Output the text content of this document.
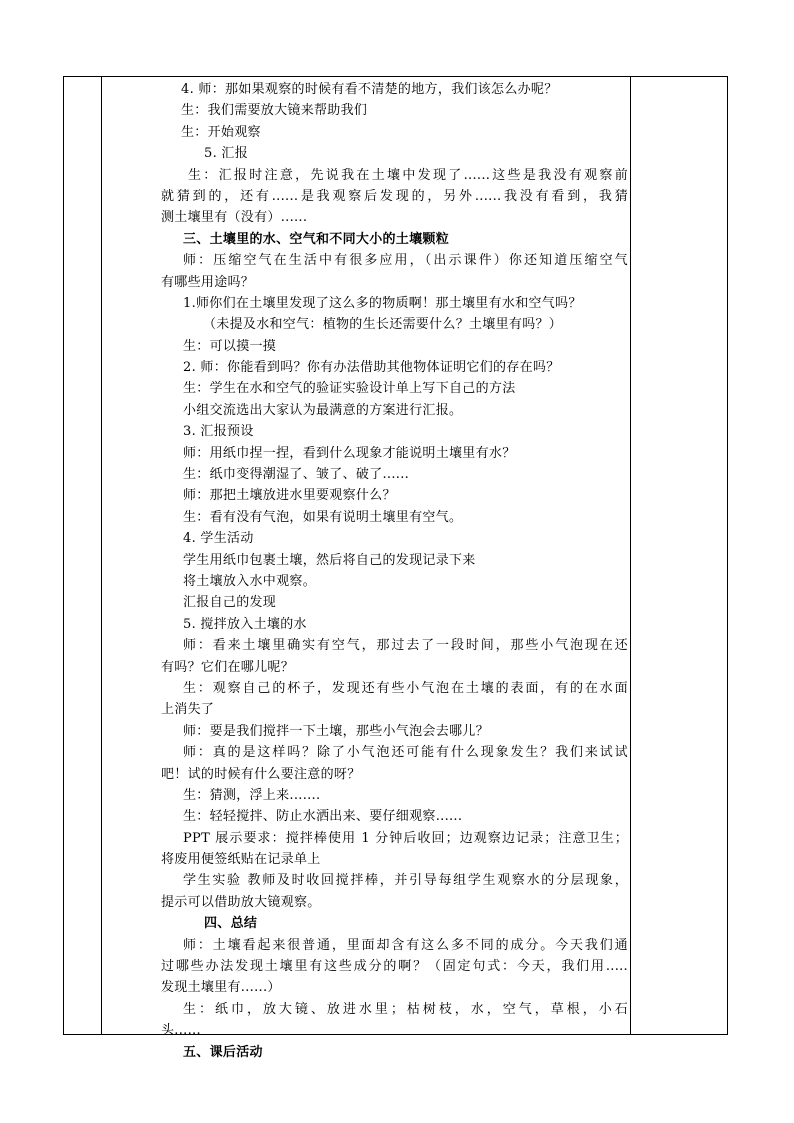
4. 师：那如果观察的时候有看不清楚的地方，我们该怎么办呢？
生：我们需要放大镜来帮助我们
生：开始观察
5. 汇报
生：汇报时注意，先说我在土壤中发现了......这些是我没有观察前
就猜到的，还有......是我观察后发现的，另外......我没有看到，我猜
测土壤里有（没有）......
三、土壤里的水、空气和不同大小的土壤颗粒
师：压缩空气在生活中有很多应用，（出示课件）你还知道压缩空气
有哪些用途吗？
1.师你们在土壤里发现了这么多的物质啊！那土壤里有水和空气吗？
（未提及水和空气：植物的生长还需要什么？土壤里有吗？）
生：可以摸一摸
2. 师：你能看到吗？你有办法借助其他物体证明它们的存在吗？
生：学生在水和空气的验证实验设计单上写下自己的方法
小组交流选出大家认为最满意的方案进行汇报。
3. 汇报预设
师：用纸巾捏一捏，看到什么现象才能说明土壤里有水？
生：纸巾变得潮湿了、皱了、破了......
师：那把土壤放进水里要观察什么？
生：看有没有气泡，如果有说明土壤里有空气。
4. 学生活动
学生用纸巾包裹土壤，然后将自己的发现记录下来
将土壤放入水中观察。
汇报自己的发现
5. 搅拌放入土壤的水
师：看来土壤里确实有空气，那过去了一段时间，那些小气泡现在还
有吗？它们在哪儿呢？
生：观察自己的杯子，发现还有些小气泡在土壤的表面，有的在水面
上消失了
师：要是我们搅拌一下土壤，那些小气泡会去哪儿？
师：真的是这样吗？除了小气泡还可能有什么现象发生？我们来试试
吧！试的时候有什么要注意的呀？
生：猜测，浮上来.......
生：轻轻搅拌、防止水洒出来、要仔细观察......
PPT 展示要求：搅拌棒使用 1 分钟后收回；边观察边记录；注意卫生；
将废用便签纸贴在记录单上
学生实验 教师及时收回搅拌棒，并引导每组学生观察水的分层现象，
提示可以借助放大镜观察。
四、总结
师：土壤看起来很普通，里面却含有这么多不同的成分。今天我们通
过哪些办法发现土壤里有这些成分的啊？（固定句式：今天，我们用.....
发现土壤里有......）
生：纸巾，放大镜、放进水里；枯树枝，水，空气，草根，小石
头......
五、课后活动
